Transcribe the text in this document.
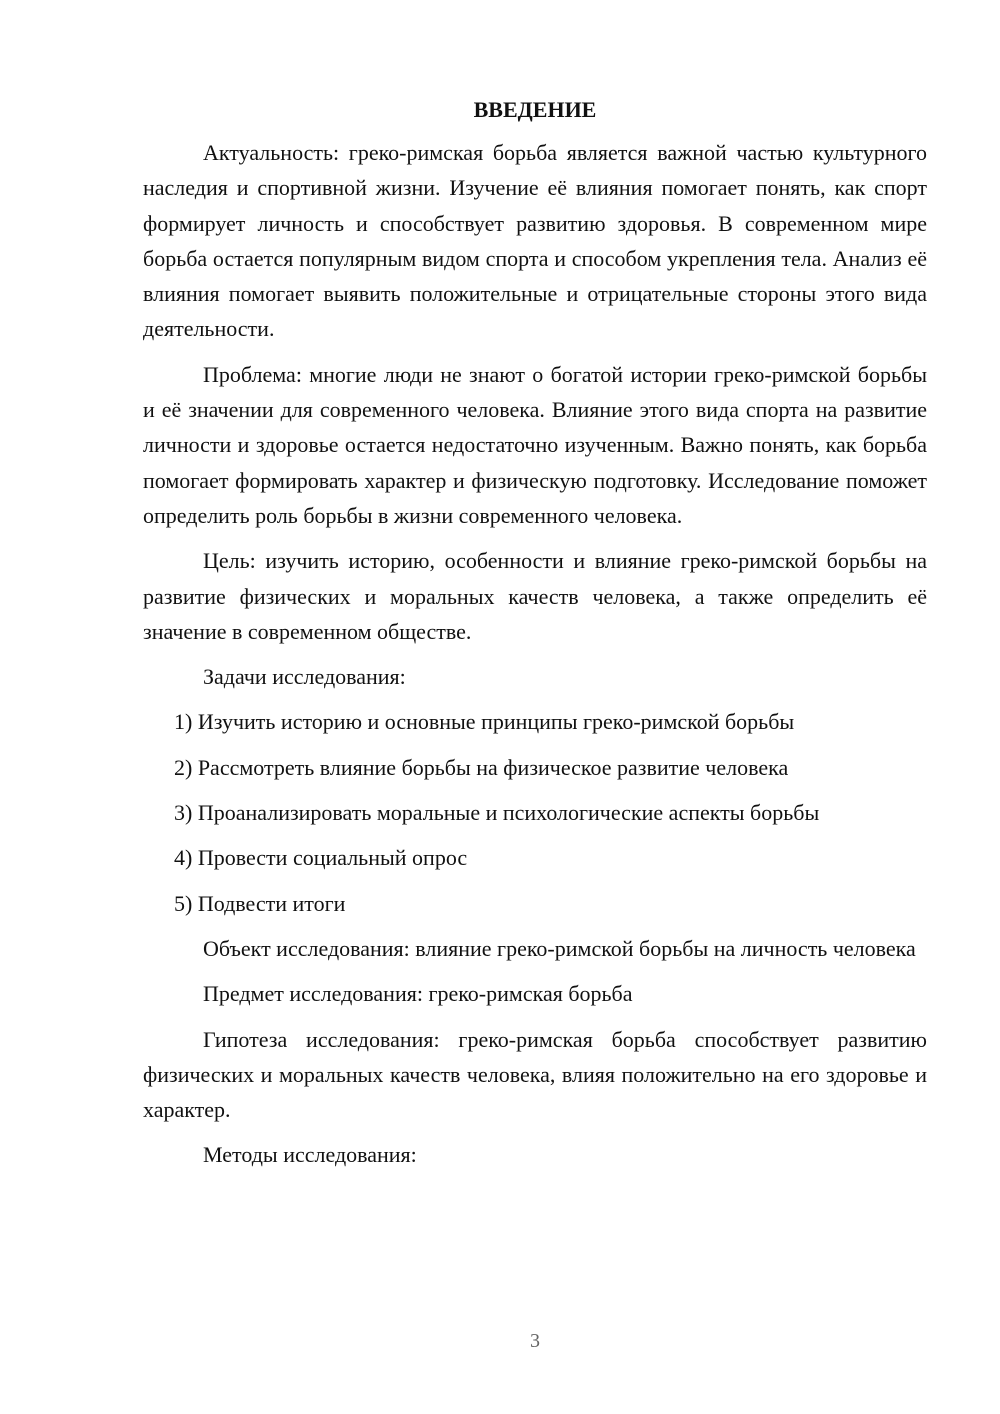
ВВЕДЕНИЕ

Актуальность: греко-римская борьба является важной частью культурного наследия и спортивной жизни. Изучение её влияния помогает понять, как спорт формирует личность и способствует развитию здоровья. В современном мире борьба остается популярным видом спорта и способом укрепления тела. Анализ её влияния помогает выявить положительные и отрицательные стороны этого вида деятельности.

Проблема: многие люди не знают о богатой истории греко-римской борьбы и её значении для современного человека. Влияние этого вида спорта на развитие личности и здоровье остается недостаточно изученным. Важно понять, как борьба помогает формировать характер и физическую подготовку. Исследование поможет определить роль борьбы в жизни современного человека.

Цель: изучить историю, особенности и влияние греко-римской борьбы на развитие физических и моральных качеств человека, а также определить её значение в современном обществе.

Задачи исследования:

1) Изучить историю и основные принципы греко-римской борьбы
2) Рассмотреть влияние борьбы на физическое развитие человека
3) Проанализировать моральные и психологические аспекты борьбы
4) Провести социальный опрос
5) Подвести итоги

Объект исследования: влияние греко-римской борьбы на личность человека

Предмет исследования: греко-римская борьба

Гипотеза исследования: греко-римская борьба способствует развитию физических и моральных качеств человека, влияя положительно на его здоровье и характер.

Методы исследования:

3
